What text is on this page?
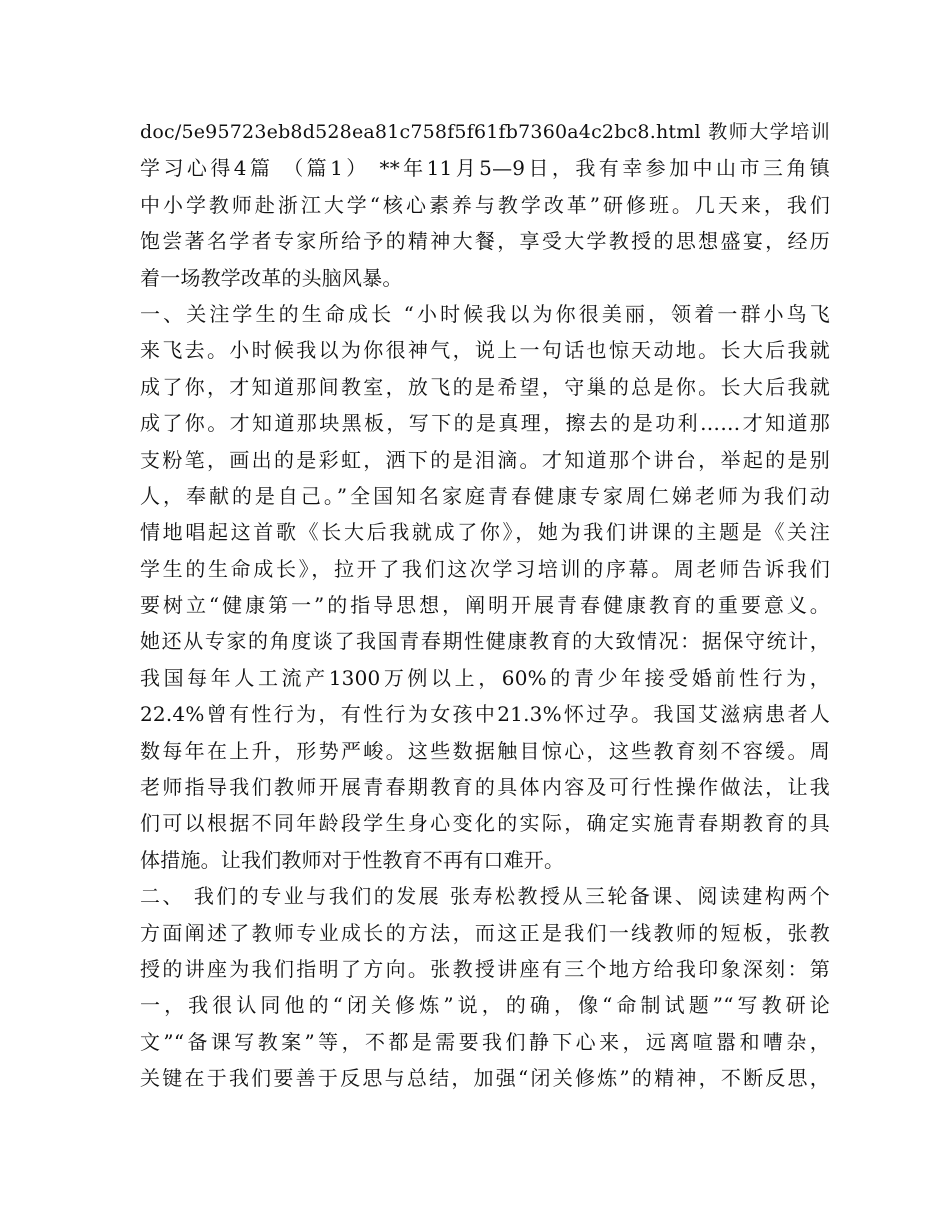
doc/5e95723eb8d528ea81c758f5f61fb7360a4c2bc8.html 教师大学培训
学习心得4篇 （篇1） **年11月5—9日，我有幸参加中山市三角镇
中小学教师赴浙江大学“核心素养与教学改革”研修班。几天来，我们
饱尝著名学者专家所给予的精神大餐，享受大学教授的思想盛宴，经历
着一场教学改革的头脑风暴。
一、关注学生的生命成长 “小时候我以为你很美丽，领着一群小鸟飞
来飞去。小时候我以为你很神气，说上一句话也惊天动地。长大后我就
成了你，才知道那间教室，放飞的是希望，守巢的总是你。长大后我就
成了你。才知道那块黑板，写下的是真理，擦去的是功利……才知道那
支粉笔，画出的是彩虹，洒下的是泪滴。才知道那个讲台，举起的是别
人，奉献的是自己。”全国知名家庭青春健康专家周仁娣老师为我们动
情地唱起这首歌《长大后我就成了你》，她为我们讲课的主题是《关注
学生的生命成长》，拉开了我们这次学习培训的序幕。周老师告诉我们
要树立“健康第一”的指导思想，阐明开展青春健康教育的重要意义。
她还从专家的角度谈了我国青春期性健康教育的大致情况：据保守统计，
我国每年人工流产1300万例以上，60%的青少年接受婚前性行为，
22.4%曾有性行为，有性行为女孩中21.3%怀过孕。我国艾滋病患者人
数每年在上升，形势严峻。这些数据触目惊心，这些教育刻不容缓。周
老师指导我们教师开展青春期教育的具体内容及可行性操作做法，让我
们可以根据不同年龄段学生身心变化的实际，确定实施青春期教育的具
体措施。让我们教师对于性教育不再有口难开。
二、 我们的专业与我们的发展 张寿松教授从三轮备课、阅读建构两个
方面阐述了教师专业成长的方法，而这正是我们一线教师的短板，张教
授的讲座为我们指明了方向。张教授讲座有三个地方给我印象深刻：第
一，我很认同他的“闭关修炼”说，的确，像“命制试题”“写教研论
文”“备课写教案”等，不都是需要我们静下心来，远离喧嚣和嘈杂，
关键在于我们要善于反思与总结，加强“闭关修炼”的精神，不断反思，
